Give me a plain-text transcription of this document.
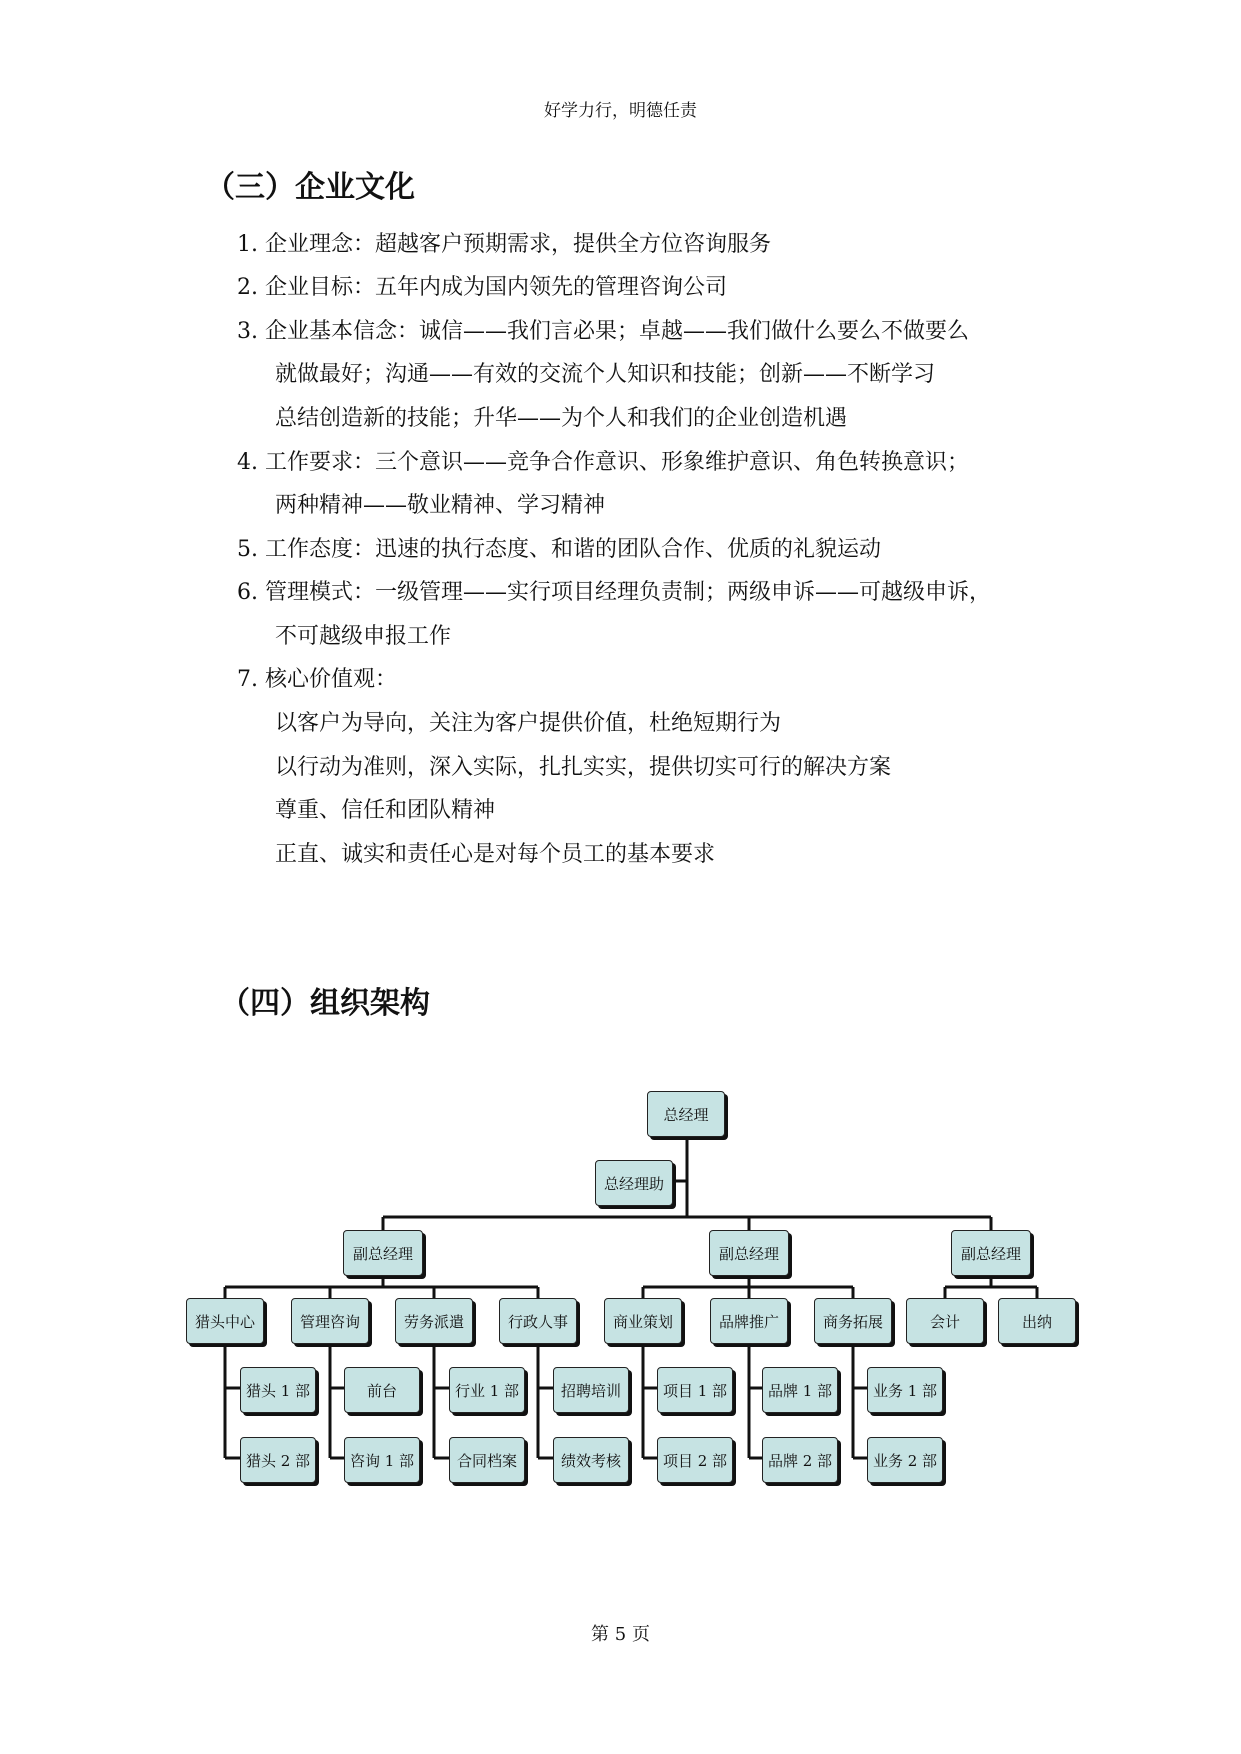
好学力行，明德任责
（三）企业文化
1. 企业理念：超越客户预期需求，提供全方位咨询服务
2. 企业目标：五年内成为国内领先的管理咨询公司
3. 企业基本信念：诚信——我们言必果；卓越——我们做什么要么不做要么
就做最好；沟通——有效的交流个人知识和技能；创新——不断学习
总结创造新的技能；升华——为个人和我们的企业创造机遇
4. 工作要求：三个意识——竞争合作意识、形象维护意识、角色转换意识；
两种精神——敬业精神、学习精神
5. 工作态度：迅速的执行态度、和谐的团队合作、优质的礼貌运动
6. 管理模式：一级管理——实行项目经理负责制；两级申诉——可越级申诉，
不可越级申报工作
7. 核心价值观：
以客户为导向，关注为客户提供价值，杜绝短期行为
以行动为准则，深入实际，扎扎实实，提供切实可行的解决方案
尊重、信任和团队精神
正直、诚实和责任心是对每个员工的基本要求
（四）组织架构
总经理
总经理助
副总经理	副总经理	副总经理
猎头中心	管理咨询	劳务派遣	行政人事	商业策划	品牌推广	商务拓展	会计	出纳
猎头 1 部	前台	行业 1 部	招聘培训	项目 1 部	品牌 1 部	业务 1 部
猎头 2 部	咨询 1 部	合同档案	绩效考核	项目 2 部	品牌 2 部	业务 2 部
第 5 页
